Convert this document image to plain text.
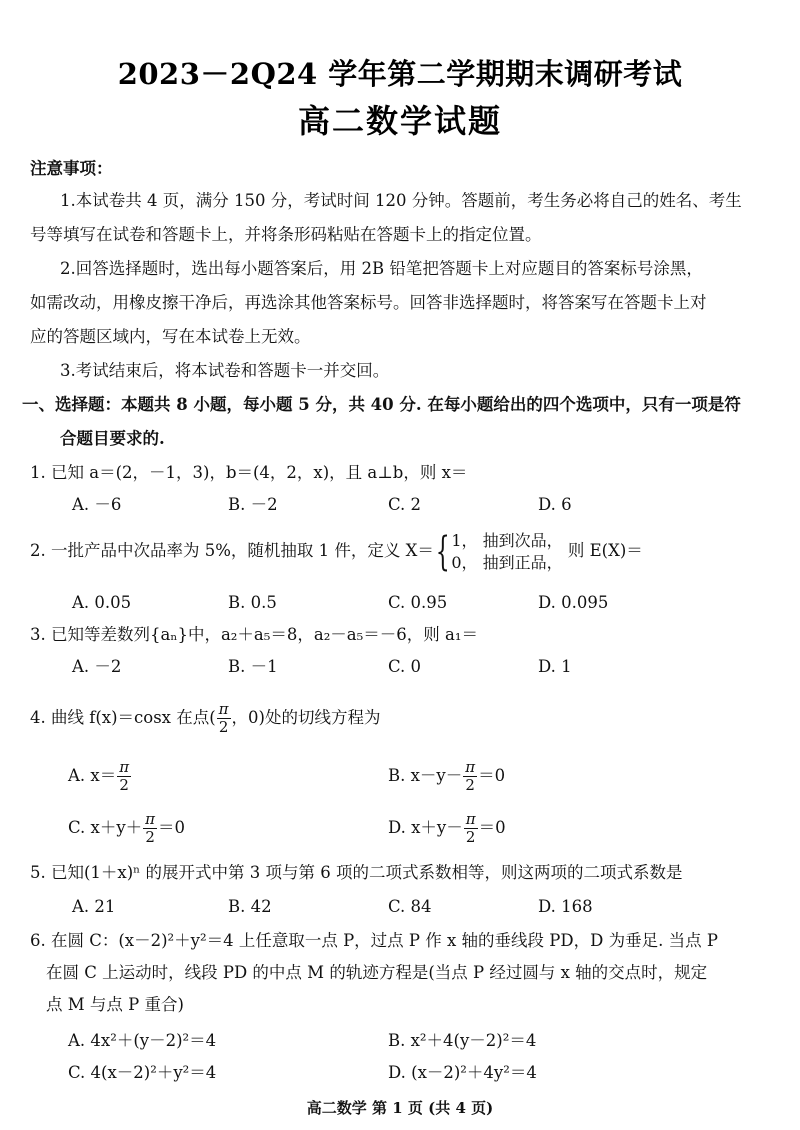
2023－2Q24 学年第二学期期末调研考试
高二数学试题
注意事项：
1.本试卷共 4 页，满分 150 分，考试时间 120 分钟。答题前，考生务必将自己的姓名、考生
号等填写在试卷和答题卡上，并将条形码粘贴在答题卡上的指定位置。
2.回答选择题时，选出每小题答案后，用 2B 铅笔把答题卡上对应题目的答案标号涂黑，
如需改动，用橡皮擦干净后，再选涂其他答案标号。回答非选择题时，将答案写在答题卡上对
应的答题区域内，写在本试卷上无效。
3.考试结束后，将本试卷和答题卡一并交回。
一、选择题：本题共 8 小题，每小题 5 分，共 40 分. 在每小题给出的四个选项中，只有一项是符
合题目要求的.
1. 已知 a＝(2，－1，3)，b＝(4，2，x)，且 a⊥b，则 x＝
A. －6	B. －2	C. 2	D. 6
2. 一批产品中次品率为 5%，随机抽取 1 件，定义 X＝{ 1， 抽到次品，
0， 抽到正品，
则 E(X)＝
A. 0.05	B. 0.5	C. 0.95	D. 0.095
3. 已知等差数列{aₙ}中，a₂＋a₅＝8，a₂－a₅＝－6，则 a₁＝
A. －2	B. －1	C. 0	D. 1
4. 曲线 f(x)＝cosx 在点( $\frac{\pi}{2}$ ，0)处的切线方程为
A. $x= \frac{\pi}{2}$	B. $x-y- \frac{\pi}{2} =0$
C. $x+y+ \frac{\pi}{2} =0$	D. $x+y- \frac{\pi}{2} =0$
5. 已知(1＋x)ⁿ 的展开式中第 3 项与第 6 项的二项式系数相等，则这两项的二项式系数是
A. 21	B. 42	C. 84	D. 168
6. 在圆 C：(x－2)²＋y²＝4 上任意取一点 P，过点 P 作 x 轴的垂线段 PD，D 为垂足. 当点 P
在圆 C 上运动时，线段 PD 的中点 M 的轨迹方程是(当点 P 经过圆与 x 轴的交点时，规定
点 M 与点 P 重合)
A. 4x²＋(y－2)²＝4	B. x²＋4(y－2)²＝4
C. 4(x－2)²＋y²＝4	D. (x－2)²＋4y²＝4
高二数学 第 1 页 (共 4 页)
